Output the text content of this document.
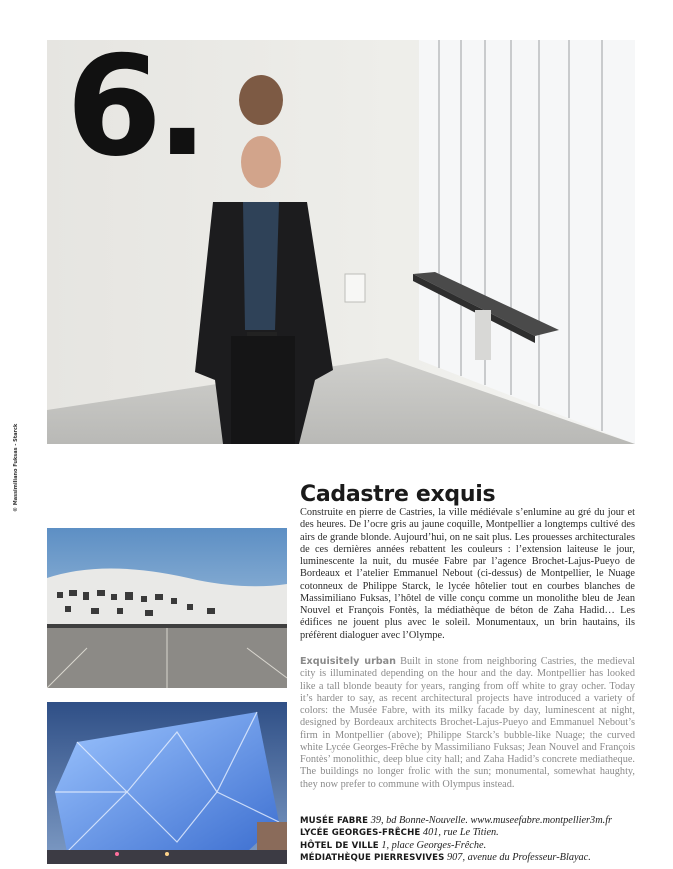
6.
© Massimiliano Fuksas - Starck	Cadastre exquis

Construite en pierre de Castries, la ville médiévale s’enlumine au gré du jour et des heures. De l’ocre gris au jaune coquille, Montpellier a longtemps cultivé des airs de grande blonde. Aujourd’hui, on ne sait plus. Les prouesses architecturales de ces dernières années rebattent les couleurs : l’extension laiteuse le jour, luminescente la nuit, du musée Fabre par l’agence Brochet-Lajus-Pueyo de Bordeaux et l’atelier Emmanuel Nebout (ci-dessus) de Montpellier, le Nuage cotonneux de Philippe Starck, le lycée hôtelier tout en courbes blanches de Massimiliano Fuksas, l’hôtel de ville conçu comme un monolithe bleu de Jean Nouvel et François Fontès, la médiathèque de béton de Zaha Hadid… Les édifices ne jouent plus avec le soleil. Monumentaux, un brin hautains, ils préfèrent dialoguer avec l’Olympe.

Exquisitely urban Built in stone from neighboring Castries, the medieval city is illuminated depending on the hour and the day. Montpellier has looked like a tall blonde beauty for years, ranging from off white to gray ocher. Today it’s harder to say, as recent architectural projects have introduced a variety of colors: the Musée Fabre, with its milky facade by day, luminescent at night, designed by Bordeaux architects Brochet-Lajus-Pueyo and Emmanuel Nebout’s firm in Montpellier (above); Philippe Starck’s bubble-like Nuage; the curved white Lycée Georges-Frêche by Massimiliano Fuksas; Jean Nouvel and François Fontès’ monolithic, deep blue city hall; and Zaha Hadid’s concrete mediatheque. The buildings no longer frolic with the sun; monumental, somewhat haughty, they now prefer to commune with Olympus instead.

MUSÉE FABRE 39, bd Bonne-Nouvelle. www.museefabre.montpellier3m.fr
LYCÉE GEORGES-FRÊCHE 401, rue Le Titien.
HÔTEL DE VILLE 1, place Georges-Frêche.
MÉDIATHÈQUE PIERRESVIVES 907, avenue du Professeur-Blayac.
